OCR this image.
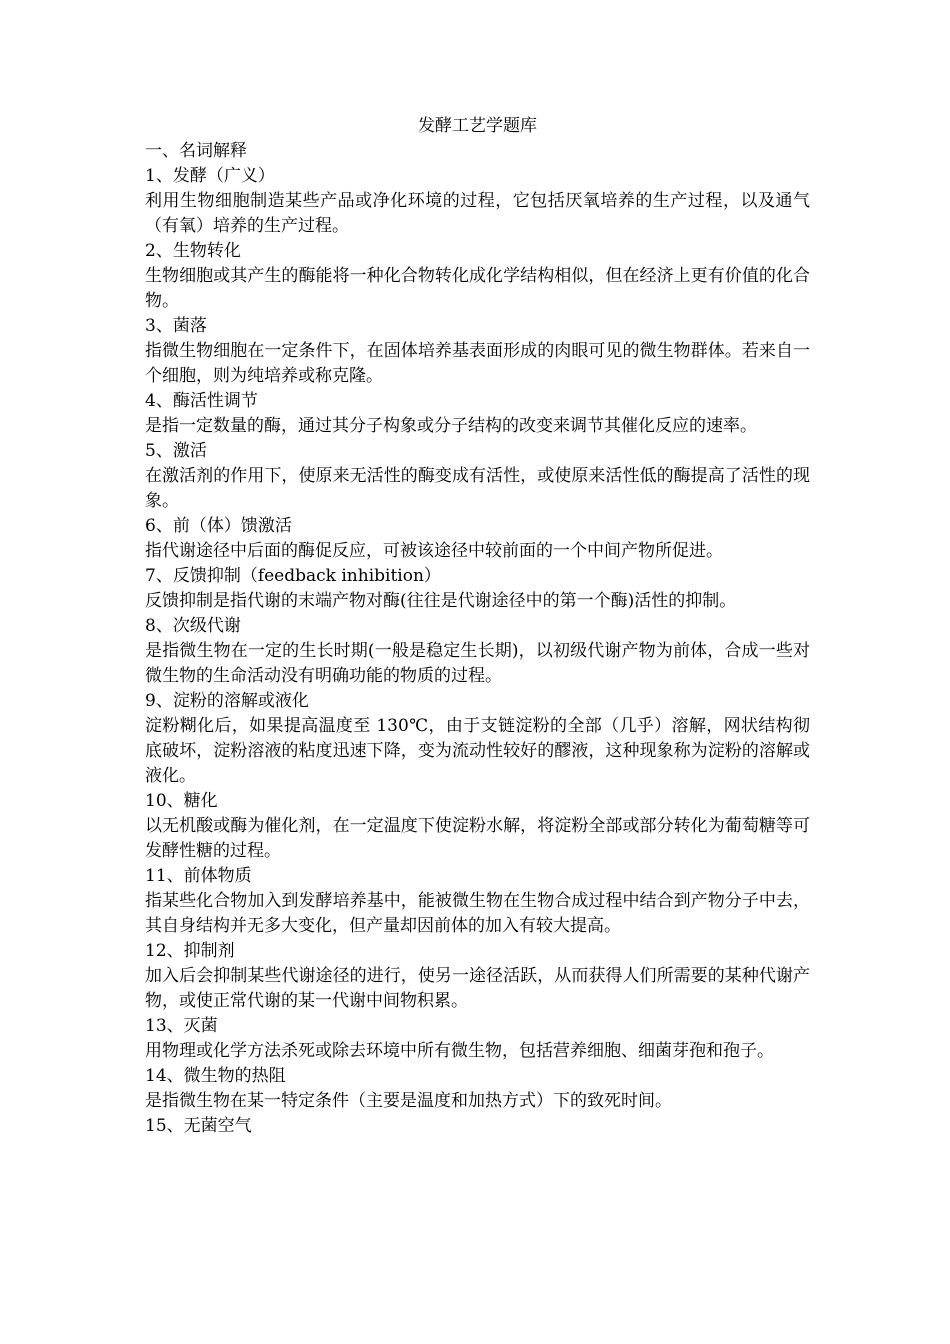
发酵工艺学题库
一、名词解释
1、发酵（广义）
利用生物细胞制造某些产品或净化环境的过程，它包括厌氧培养的生产过程，以及通气（有氧）培养的生产过程。
2、生物转化
生物细胞或其产生的酶能将一种化合物转化成化学结构相似，但在经济上更有价值的化合物。
3、菌落
指微生物细胞在一定条件下，在固体培养基表面形成的肉眼可见的微生物群体。若来自一个细胞，则为纯培养或称克隆。
4、酶活性调节
是指一定数量的酶，通过其分子构象或分子结构的改变来调节其催化反应的速率。
5、激活
在激活剂的作用下，使原来无活性的酶变成有活性，或使原来活性低的酶提高了活性的现象。
6、前（体）馈激活
指代谢途径中后面的酶促反应，可被该途径中较前面的一个中间产物所促进。
7、反馈抑制（feedback inhibition）
反馈抑制是指代谢的末端产物对酶(往往是代谢途径中的第一个酶)活性的抑制。
8、次级代谢
是指微生物在一定的生长时期(一般是稳定生长期)，以初级代谢产物为前体，合成一些对微生物的生命活动没有明确功能的物质的过程。
9、淀粉的溶解或液化
淀粉糊化后，如果提高温度至 130℃，由于支链淀粉的全部（几乎）溶解，网状结构彻底破坏，淀粉溶液的粘度迅速下降，变为流动性较好的醪液，这种现象称为淀粉的溶解或液化。
10、糖化
以无机酸或酶为催化剂，在一定温度下使淀粉水解，将淀粉全部或部分转化为葡萄糖等可发酵性糖的过程。
11、前体物质
指某些化合物加入到发酵培养基中，能被微生物在生物合成过程中结合到产物分子中去，其自身结构并无多大变化，但产量却因前体的加入有较大提高。
12、抑制剂
加入后会抑制某些代谢途径的进行，使另一途径活跃，从而获得人们所需要的某种代谢产物，或使正常代谢的某一代谢中间物积累。
13、灭菌
用物理或化学方法杀死或除去环境中所有微生物，包括营养细胞、细菌芽孢和孢子。
14、微生物的热阻
是指微生物在某一特定条件（主要是温度和加热方式）下的致死时间。
15、无菌空气
